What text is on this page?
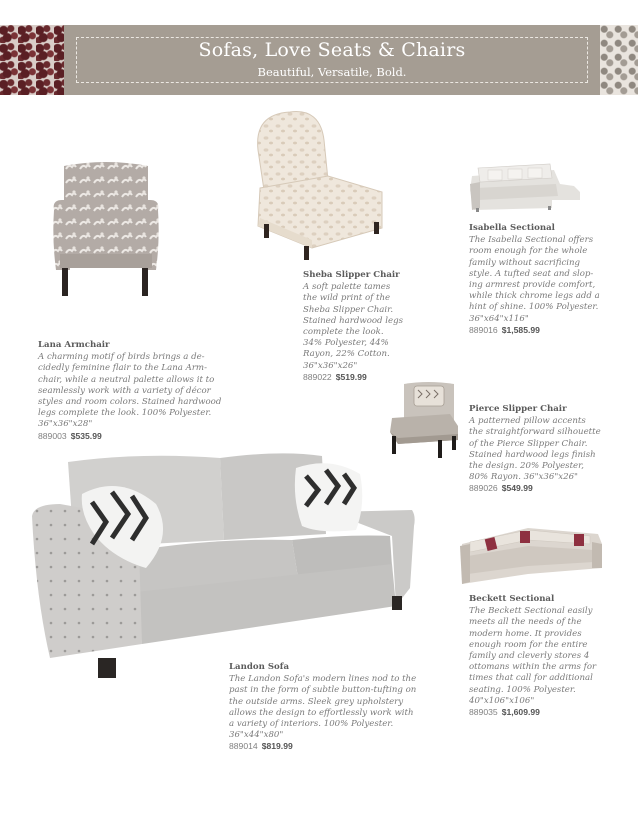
Sofas, Love Seats & Chairs
Beautiful, Versatile, Bold.
Lana Armchair
A charming motif of birds brings a de-
cidedly feminine flair to the Lana Arm-
chair, while a neutral palette allows it to
seamlessly work with a variety of décor
styles and room colors. Stained hardwood
legs complete the look. 100% Polyester.
36"x36"x28"
889003 $535.99
Sheba Slipper Chair
A soft palette tames
the wild print of the
Sheba Slipper Chair.
Stained hardwood legs
complete the look.
34% Polyester, 44%
Rayon, 22% Cotton.
36"x36"x26"
889022 $519.99
Isabella Sectional
The Isabella Sectional offers
room enough for the whole
family without sacrificing
style. A tufted seat and slop-
ing armrest provide comfort,
while thick chrome legs add a
hint of shine. 100% Polyester.
36"x64"x116"
889016 $1,585.99
Pierce Slipper Chair
A patterned pillow accents
the straightforward silhouette
of the Pierce Slipper Chair.
Stained hardwood legs finish
the design. 20% Polyester,
80% Rayon. 36"x36"x26"
889026 $549.99
Beckett Sectional
The Beckett Sectional easily
meets all the needs of the
modern home. It provides
enough room for the entire
family and cleverly stores 4
ottomans within the arms for
times that call for additional
seating. 100% Polyester.
40"x106"x106"
889035 $1,609.99
Landon Sofa
The Landon Sofa's modern lines nod to the
past in the form of subtle button-tufting on
the outside arms. Sleek grey upholstery
allows the design to effortlessly work with
a variety of interiors. 100% Polyester.
36"x44"x80"
889014 $819.99
